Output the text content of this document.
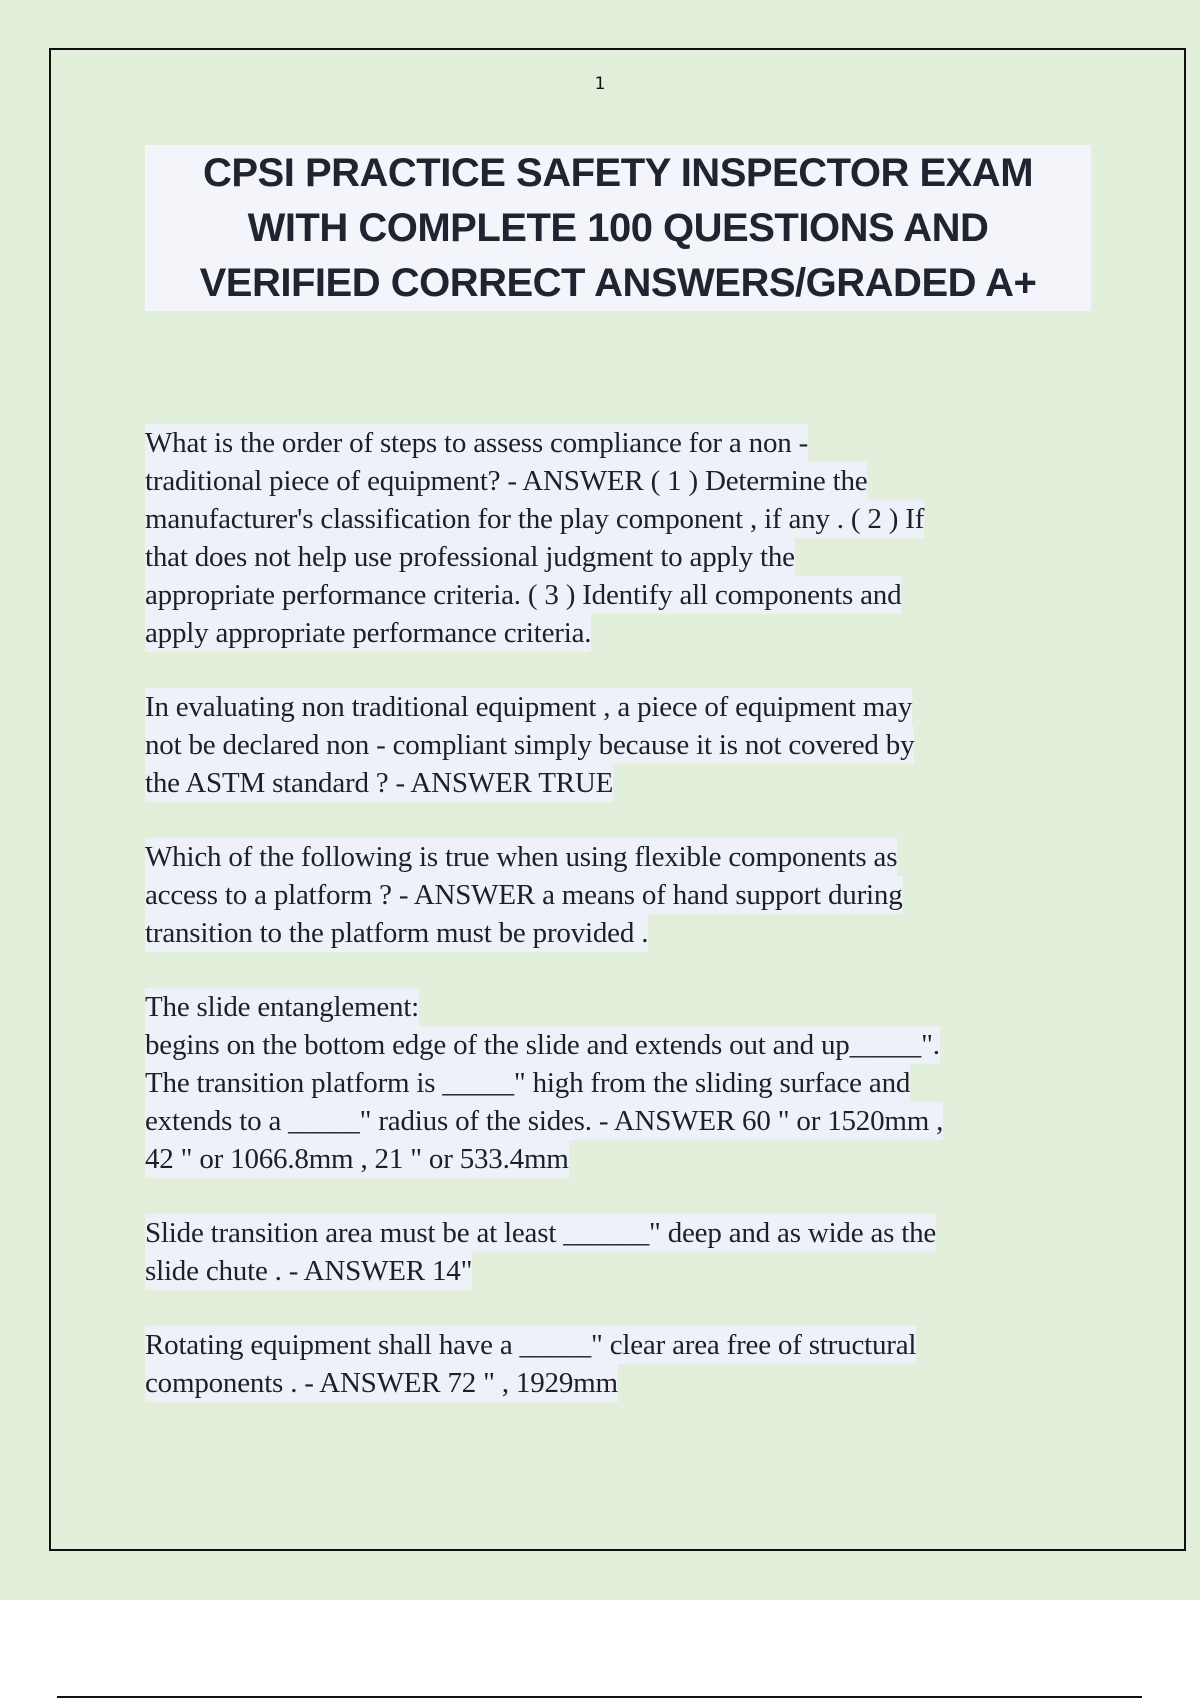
1
CPSI PRACTICE SAFETY INSPECTOR EXAM
WITH COMPLETE 100 QUESTIONS AND
VERIFIED CORRECT ANSWERS/GRADED A+
What is the order of steps to assess compliance for a non -
traditional piece of equipment? - ANSWER ( 1 ) Determine the
manufacturer's classification for the play component , if any . ( 2 ) If
that does not help use professional judgment to apply the
appropriate performance criteria. ( 3 ) Identify all components and
apply appropriate performance criteria.
In evaluating non traditional equipment , a piece of equipment may
not be declared non - compliant simply because it is not covered by
the ASTM standard ? - ANSWER TRUE
Which of the following is true when using flexible components as
access to a platform ? - ANSWER a means of hand support during
transition to the platform must be provided .
The slide entanglement:
begins on the bottom edge of the slide and extends out and up_____".
The transition platform is _____" high from the sliding surface and
extends to a _____" radius of the sides. - ANSWER 60 " or 1520mm ,
42 " or 1066.8mm , 21 " or 533.4mm
Slide transition area must be at least ______" deep and as wide as the
slide chute . - ANSWER 14"
Rotating equipment shall have a _____" clear area free of structural
components . - ANSWER 72 " , 1929mm
